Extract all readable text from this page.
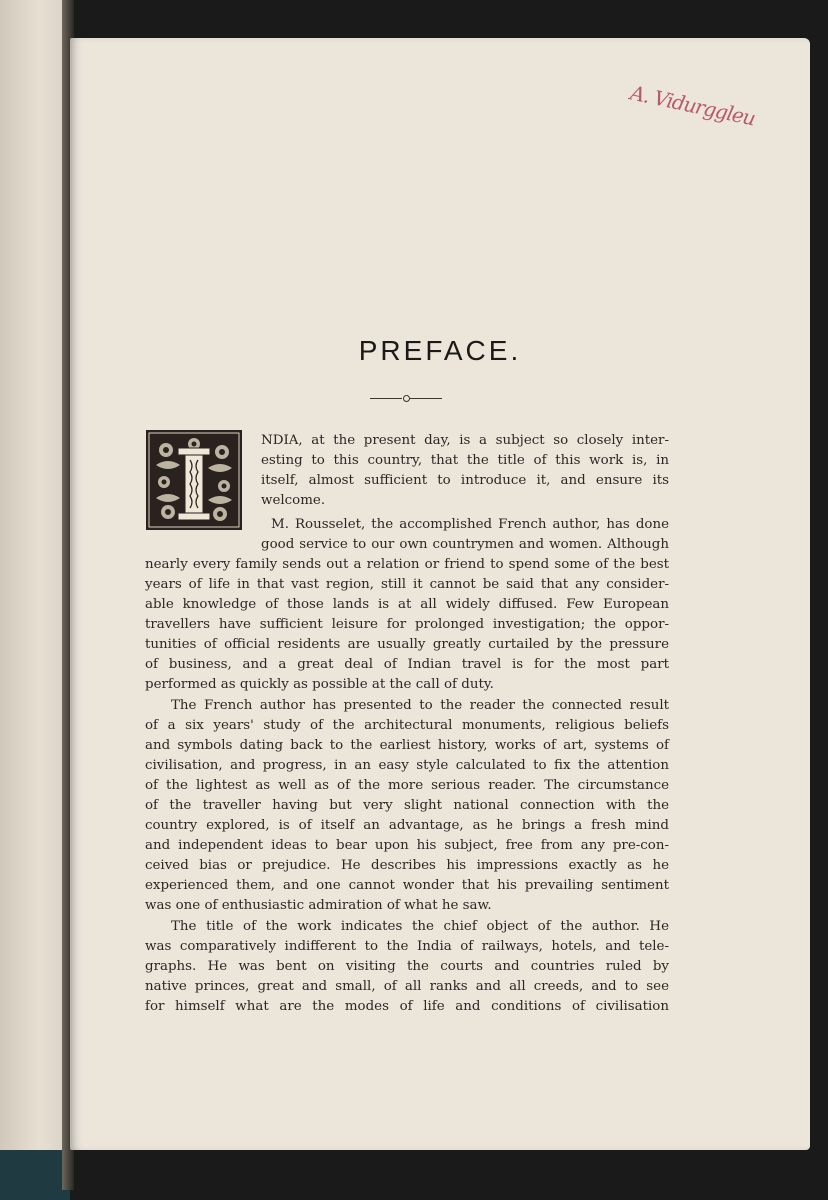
A. Vidurggleu
PREFACE.
NDIA, at the present day, is a subject so closely inter-
esting to this country, that the title of this work is, in
itself, almost sufficient to introduce it, and ensure its
welcome.
M. Rousselet, the accomplished French author, has done
good service to our own countrymen and women. Although
nearly every family sends out a relation or friend to spend some of the best
years of life in that vast region, still it cannot be said that any consider-
able knowledge of those lands is at all widely diffused. Few European
travellers have sufficient leisure for prolonged investigation; the oppor-
tunities of official residents are usually greatly curtailed by the pressure
of business, and a great deal of Indian travel is for the most part
performed as quickly as possible at the call of duty.
The French author has presented to the reader the connected result
of a six years' study of the architectural monuments, religious beliefs
and symbols dating back to the earliest history, works of art, systems of
civilisation, and progress, in an easy style calculated to fix the attention
of the lightest as well as of the more serious reader. The circumstance
of the traveller having but very slight national connection with the
country explored, is of itself an advantage, as he brings a fresh mind
and independent ideas to bear upon his subject, free from any pre-con-
ceived bias or prejudice. He describes his impressions exactly as he
experienced them, and one cannot wonder that his prevailing sentiment
was one of enthusiastic admiration of what he saw.
The title of the work indicates the chief object of the author. He
was comparatively indifferent to the India of railways, hotels, and tele-
graphs. He was bent on visiting the courts and countries ruled by
native princes, great and small, of all ranks and all creeds, and to see
for himself what are the modes of life and conditions of civilisation
